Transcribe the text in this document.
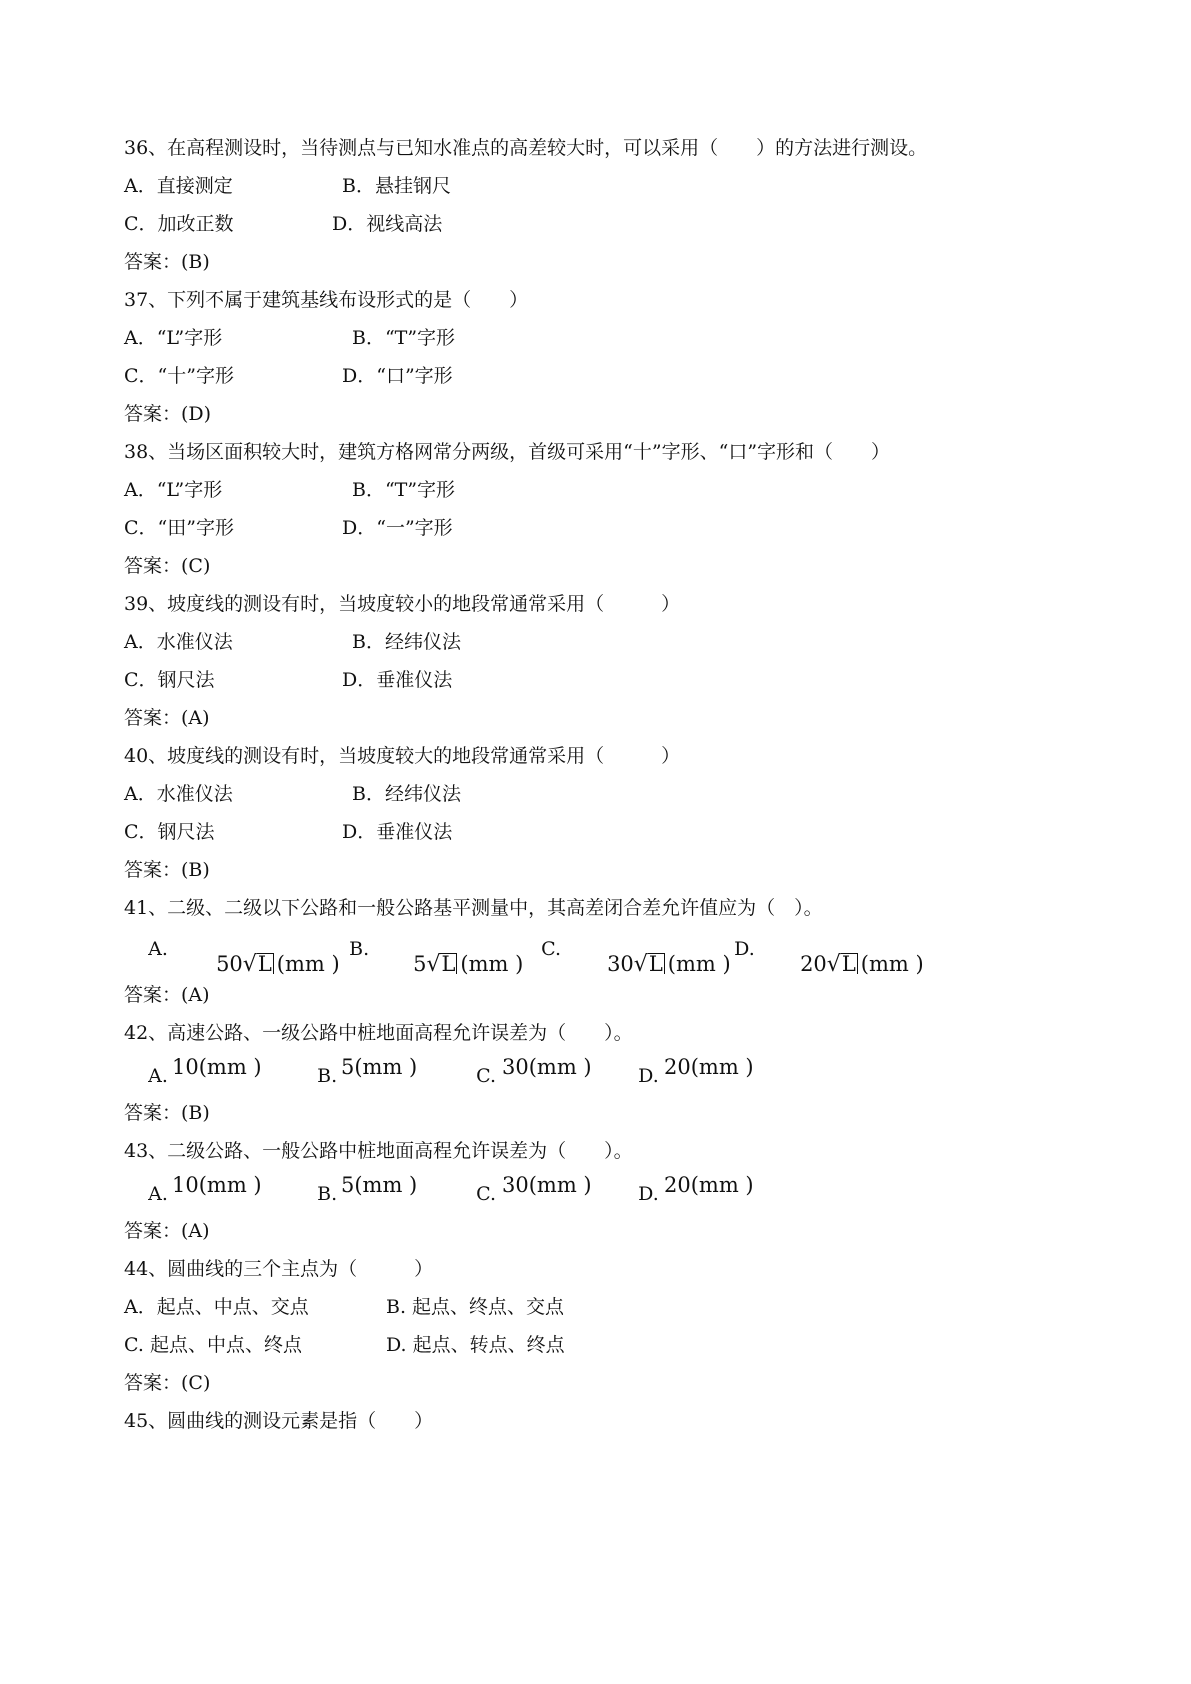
36、在高程测设时，当待测点与已知水准点的高差较大时，可以采用（　　）的方法进行测设。
A．直接测定	B．悬挂钢尺
C．加改正数	D．视线高法
答案：(B)
37、下列不属于建筑基线布设形式的是（　　）
A．“L”字形	B．“T”字形
C．“十”字形	D．“口”字形
答案：(D)
38、当场区面积较大时，建筑方格网常分两级，首级可采用“十”字形、“口”字形和（　　）
A．“L”字形	B．“T”字形
C．“田”字形	D．“一”字形
答案：(C)
39、坡度线的测设有时，当坡度较小的地段常通常采用（　　　）
A．水准仪法	B．经纬仪法
C．钢尺法	D．垂准仪法
答案：(A)
40、坡度线的测设有时，当坡度较大的地段常通常采用（　　　）
A．水准仪法	B．经纬仪法
C．钢尺法	D．垂准仪法
答案：(B)
41、二级、二级以下公路和一般公路基平测量中，其高差闭合差允许值应为（　）。

A.

50√L (mm )

B.

5√L (mm )

C.

30√L (mm )

D.

20√L (mm )

答案：(A)
42、高速公路、一级公路中桩地面高程允许误差为（　　）。

A.

10(mm )

	B.

5(mm )

	C.

30(mm )

D.

20(mm )

答案：(B)
43、二级公路、一般公路中桩地面高程允许误差为（　　）。

A.

10(mm )

	B.

5(mm )

	C.

30(mm )

D.

20(mm )

答案：(A)
44、圆曲线的三个主点为（　　　）
A．起点、中点、交点	B. 起点、终点、交点
C. 起点、中点、终点	D. 起点、转点、终点
答案：(C)
45、圆曲线的测设元素是指（　　）
